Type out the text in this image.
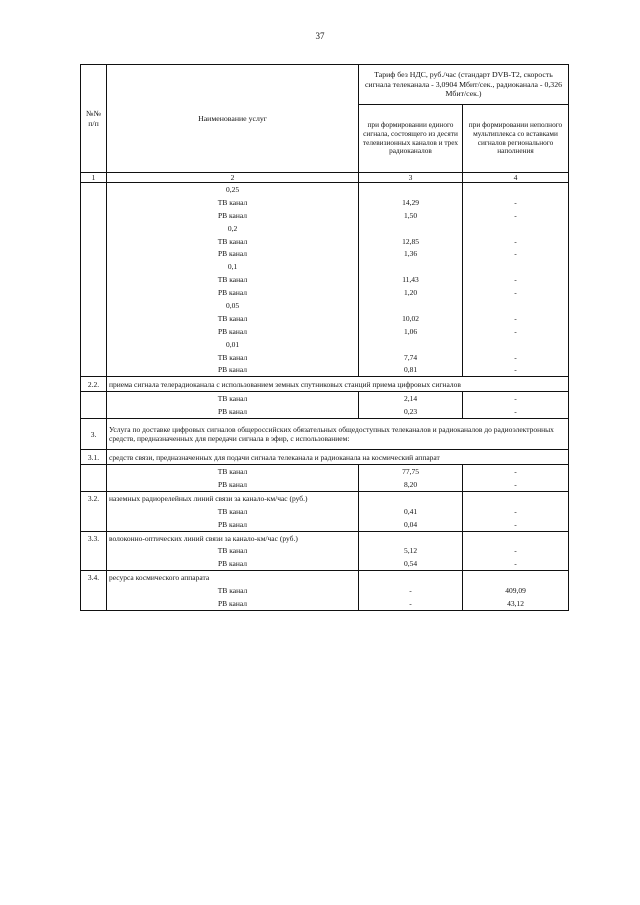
37
№№ п/п	Наименование услуг	Тариф без НДС, руб./час (стандарт DVB-T2, скорость сигнала телеканала - 3,0904 Мбит/сек., радиоканала - 0,326 Мбит/сек.)	
		при формировании единого сигнала, состоящего из десяти телевизионных каналов и трех радиоканалов	при формировании неполного мультиплекса со вставками сигналов регионального наполнения
1	2	3	4
	0,25		
	ТВ канал	14,29	-
	РВ канал	1,50	-
	0,2		
	ТВ канал	12,85	-
	РВ канал	1,36	-
	0,1		
	ТВ канал	11,43	-
	РВ канал	1,20	-
	0,05		
	ТВ канал	10,02	-
	РВ канал	1,06	-
	0,01		
	ТВ канал	7,74	-
	РВ канал	0,81	-
2.2.	приема сигнала телерадиоканала с использованием земных спутниковых станций приема цифровых сигналов		
	ТВ канал	2,14	-
	РВ канал	0,23	-
3.	Услуга по доставке цифровых сигналов общероссийских обязательных общедоступных телеканалов и радиоканалов до радиоэлектронных средств, предназначенных для передачи сигнала в эфир, с использованием:		
3.1.	средств связи, предназначенных для подачи сигнала телеканала и радиоканала на космический аппарат		
	ТВ канал	77,75	-
	РВ канал	8,20	-
3.2.	наземных радиорелейных линий связи за канало-км/час (руб.)		
	ТВ канал	0,41	-
	РВ канал	0,04	-
3.3.	волоконно-оптических линий связи за канало-км/час (руб.)		
	ТВ канал	5,12	-
	РВ канал	0,54	-
3.4.	ресурса космического аппарата		
	ТВ канал	-	409,09
	РВ канал	-	43,12
